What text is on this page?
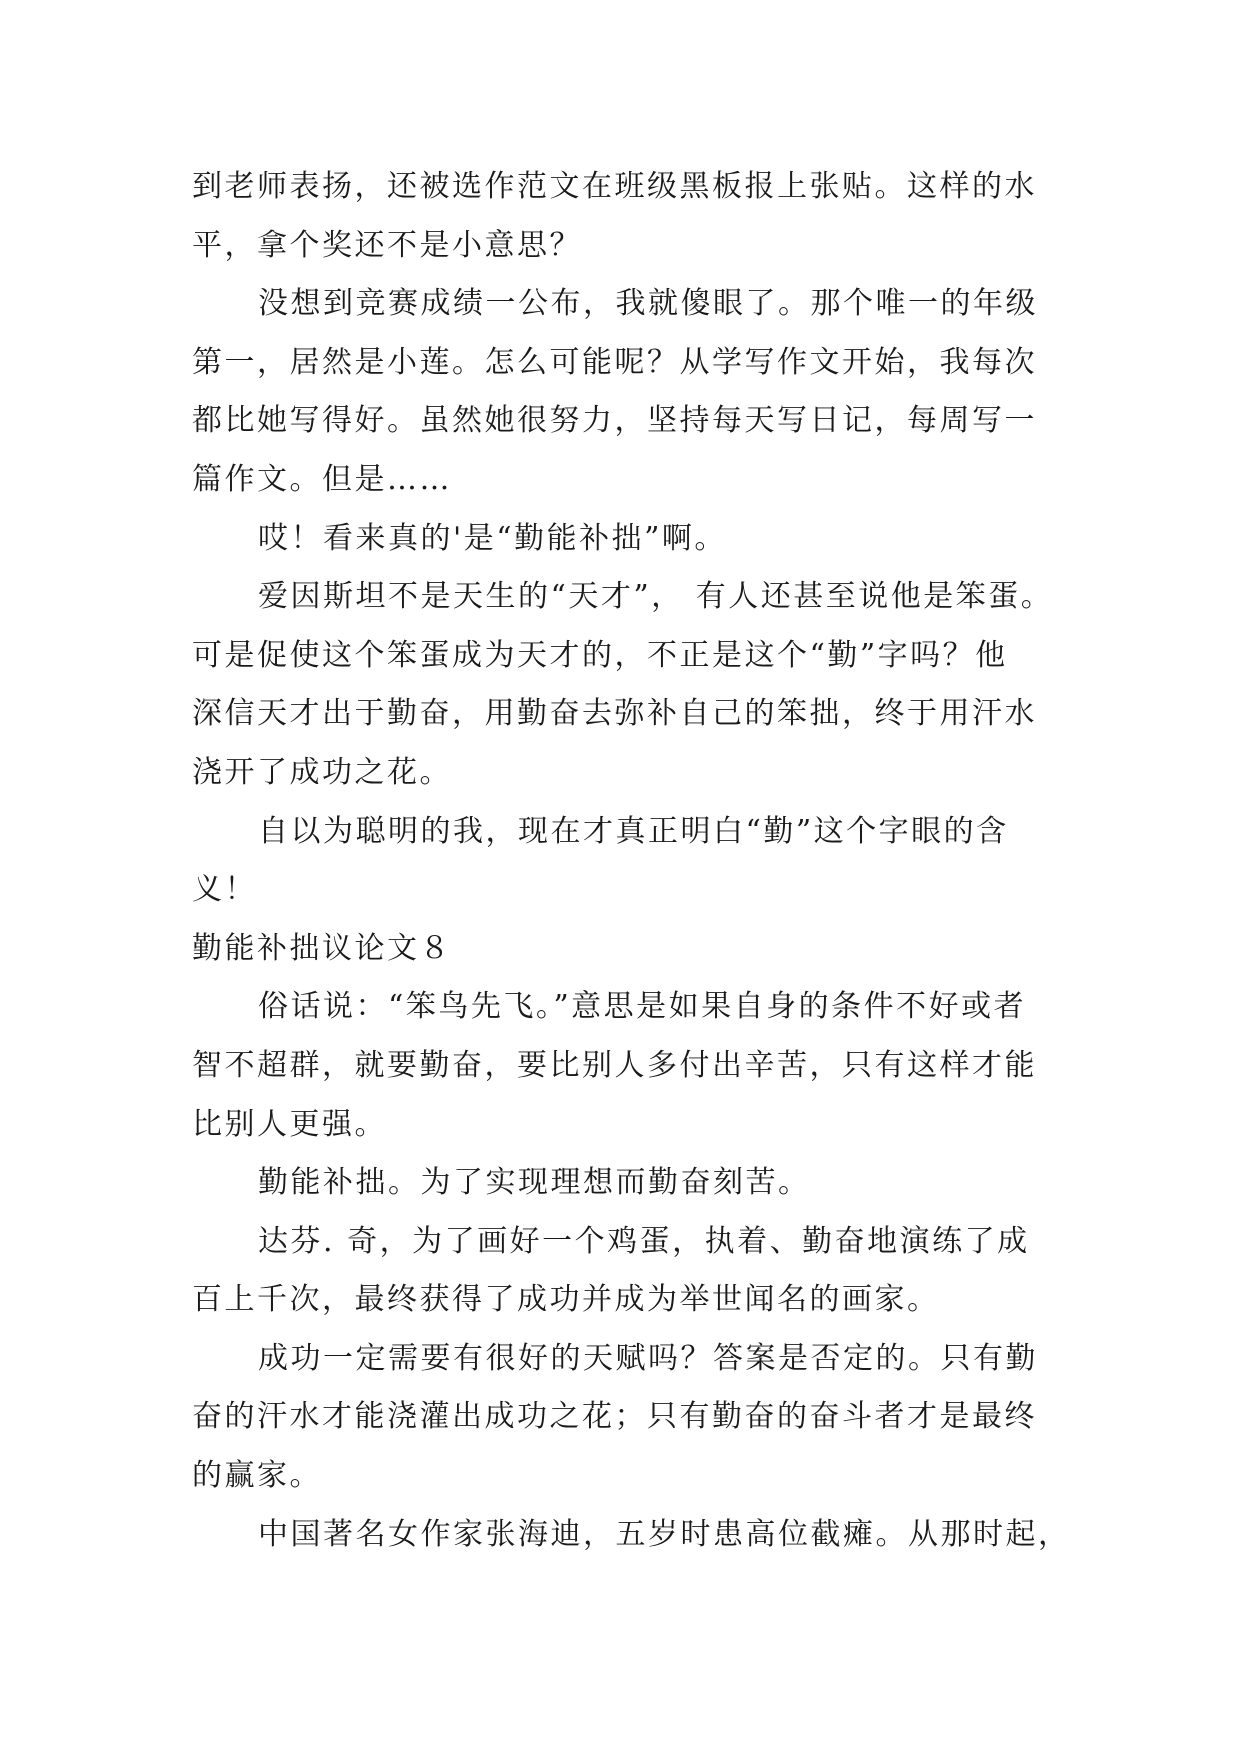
到老师表扬，还被选作范文在班级黑板报上张贴。这样的水
平，拿个奖还不是小意思？
没想到竞赛成绩一公布，我就傻眼了。那个唯一的年级
第一，居然是小莲。怎么可能呢？从学写作文开始，我每次
都比她写得好。虽然她很努力，坚持每天写日记，每周写一
篇作文。但是……
哎！看来真的'是“勤能补拙”啊。
爱因斯坦不是天生的“天才”， 有人还甚至说他是笨蛋。
可是促使这个笨蛋成为天才的，不正是这个“勤”字吗？他
深信天才出于勤奋，用勤奋去弥补自己的笨拙，终于用汗水
浇开了成功之花。
自以为聪明的我，现在才真正明白“勤”这个字眼的含
义！
勤能补拙议论文８
俗话说：“笨鸟先飞。”意思是如果自身的条件不好或者
智不超群，就要勤奋，要比别人多付出辛苦，只有这样才能
比别人更强。
勤能补拙。为了实现理想而勤奋刻苦。
达芬. 奇，为了画好一个鸡蛋，执着、勤奋地演练了成
百上千次，最终获得了成功并成为举世闻名的画家。
成功一定需要有很好的天赋吗？答案是否定的。只有勤
奋的汗水才能浇灌出成功之花；只有勤奋的奋斗者才是最终
的赢家。
中国著名女作家张海迪，五岁时患高位截瘫。从那时起，
